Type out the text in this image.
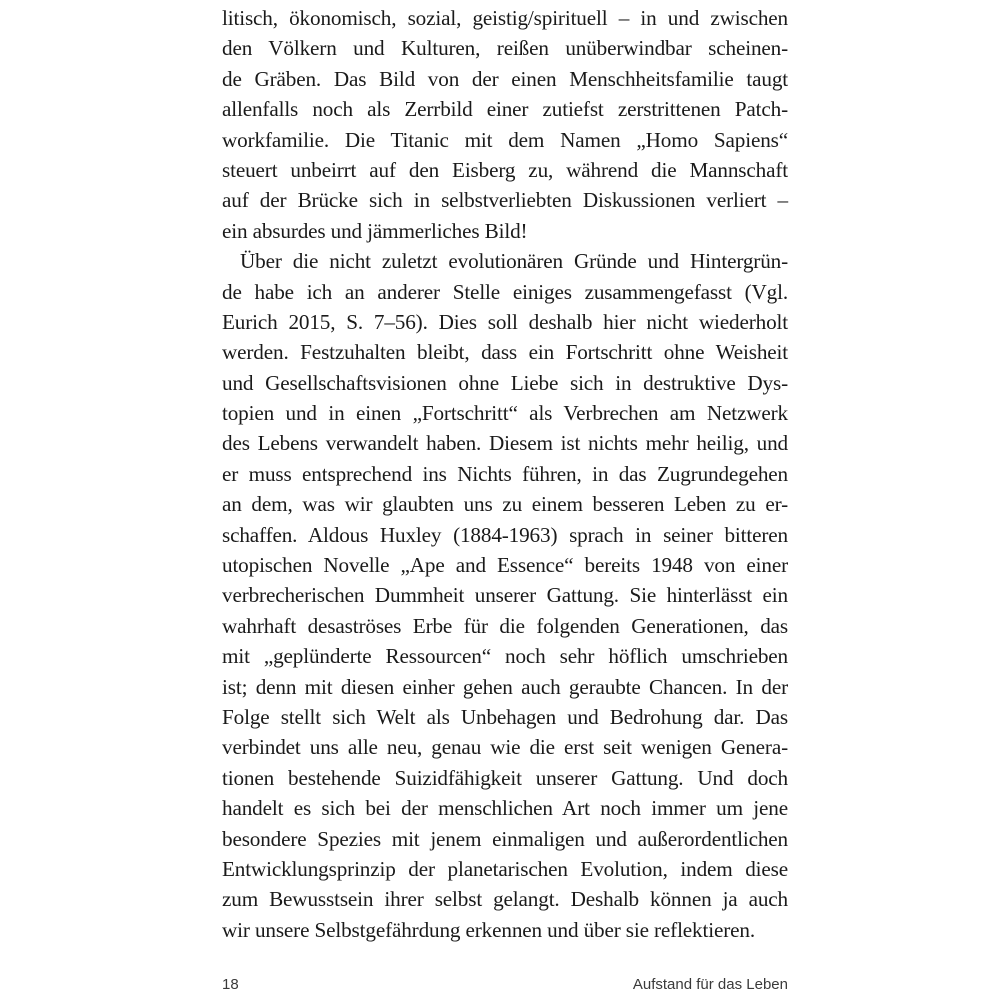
litisch, ökonomisch, sozial, geistig/spirituell – in und zwischen
den Völkern und Kulturen, reißen unüberwindbar scheinen-
de Gräben. Das Bild von der einen Menschheitsfamilie taugt
allenfalls noch als Zerrbild einer zutiefst zerstrittenen Patch-
workfamilie. Die Titanic mit dem Namen „Homo Sapiens“
steuert unbeirrt auf den Eisberg zu, während die Mannschaft
auf der Brücke sich in selbstverliebten Diskussionen verliert –
ein absurdes und jämmerliches Bild!
Über die nicht zuletzt evolutionären Gründe und Hintergrün-
de habe ich an anderer Stelle einiges zusammengefasst (Vgl.
Eurich 2015, S. 7–56). Dies soll deshalb hier nicht wiederholt
werden. Festzuhalten bleibt, dass ein Fortschritt ohne Weisheit
und Gesellschaftsvisionen ohne Liebe sich in destruktive Dys-
topien und in einen „Fortschritt“ als Verbrechen am Netzwerk
des Lebens verwandelt haben. Diesem ist nichts mehr heilig, und
er muss entsprechend ins Nichts führen, in das Zugrundegehen
an dem, was wir glaubten uns zu einem besseren Leben zu er-
schaffen. Aldous Huxley (1884-1963) sprach in seiner bitteren
utopischen Novelle „Ape and Essence“ bereits 1948 von einer
verbrecherischen Dummheit unserer Gattung. Sie hinterlässt ein
wahrhaft desaströses Erbe für die folgenden Generationen, das
mit „geplünderte Ressourcen“ noch sehr höflich umschrieben
ist; denn mit diesen einher gehen auch geraubte Chancen. In der
Folge stellt sich Welt als Unbehagen und Bedrohung dar. Das
verbindet uns alle neu, genau wie die erst seit wenigen Genera-
tionen bestehende Suizidfähigkeit unserer Gattung. Und doch
handelt es sich bei der menschlichen Art noch immer um jene
besondere Spezies mit jenem einmaligen und außerordentlichen
Entwicklungsprinzip der planetarischen Evolution, indem diese
zum Bewusstsein ihrer selbst gelangt. Deshalb können ja auch
wir unsere Selbstgefährdung erkennen und über sie reflektieren.
18	Aufstand für das Leben
